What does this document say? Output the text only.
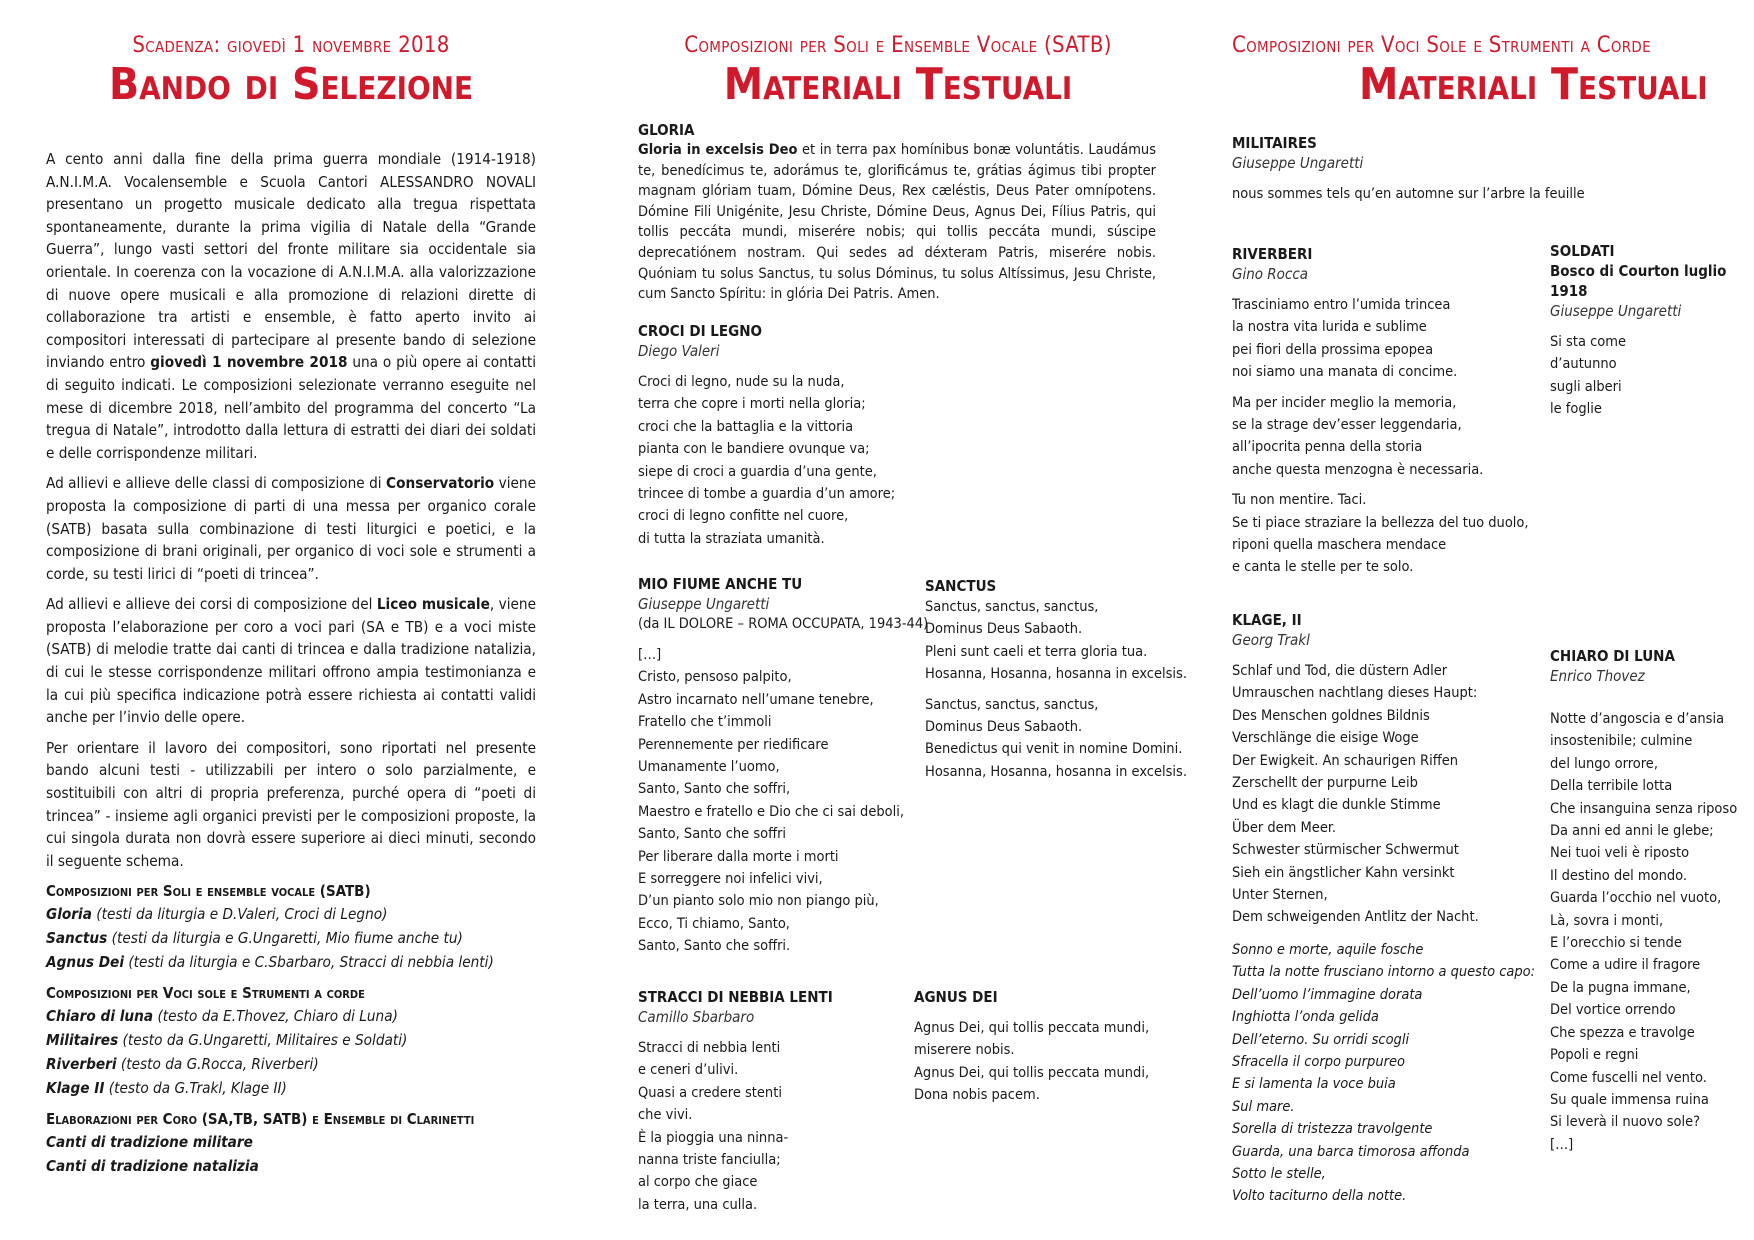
Scadenza: giovedì 1 novembre 2018
Bando di Selezione

A cento anni dalla fine della prima guerra mondiale (1914-1918) A.N.I.M.A. Vocalensemble e Scuola Cantori ALESSANDRO NOVALI presentano un progetto musicale dedicato alla tregua rispettata spontaneamente, durante la prima vigilia di Natale della “Grande Guerra”, lungo vasti settori del fronte militare sia occidentale sia orientale. In coerenza con la vocazione di A.N.I.M.A. alla valorizzazione di nuove opere musicali e alla promozione di relazioni dirette di collaborazione tra artisti e ensemble, è fatto aperto invito ai compositori interessati di partecipare al presente bando di selezione inviando entro giovedì 1 novembre 2018 una o più opere ai contatti di seguito indicati. Le composizioni selezionate verranno eseguite nel mese di dicembre 2018, nell’ambito del programma del concerto “La tregua di Natale”, introdotto dalla lettura di estratti dei diari dei soldati e delle corrispondenze militari.

Ad allievi e allieve delle classi di composizione di Conservatorio viene proposta la composizione di parti di una messa per organico corale (SATB) basata sulla combinazione di testi liturgici e poetici, e la composizione di brani originali, per organico di voci sole e strumenti a corde, su testi lirici di “poeti di trincea”.

Ad allievi e allieve dei corsi di composizione del Liceo musicale, viene proposta l’elaborazione per coro a voci pari (SA e TB) e a voci miste (SATB) di melodie tratte dai canti di trincea e dalla tradizione natalizia, di cui le stesse corrispondenze militari offrono ampia testimonianza e la cui più specifica indicazione potrà essere richiesta ai contatti validi anche per l’invio delle opere.

Per orientare il lavoro dei compositori, sono riportati nel presente bando alcuni testi - utilizzabili per intero o solo parzialmente, e sostituibili con altri di propria preferenza, purché opera di “poeti di trincea” - insieme agli organici previsti per le composizioni proposte, la cui singola durata non dovrà essere superiore ai dieci minuti, secondo il seguente schema.

Composizioni per Soli e ensemble vocale (SATB)
Gloria (testi da liturgia e D.Valeri, Croci di Legno)
Sanctus (testi da liturgia e G.Ungaretti, Mio fiume anche tu)
Agnus Dei (testi da liturgia e C.Sbarbaro, Stracci di nebbia lenti)
Composizioni per Voci sole e Strumenti a corde
Chiaro di luna (testo da E.Thovez, Chiaro di Luna)
Militaires (testo da G.Ungaretti, Militaires e Soldati)
Riverberi (testo da G.Rocca, Riverberi)
Klage II (testo da G.Trakl, Klage II)
Elaborazioni per Coro (SA,TB, SATB) e Ensemble di Clarinetti
Canti di tradizione militare
Canti di tradizione natalizia
Composizioni per Soli e Ensemble Vocale (SATB)
Materiali Testuali
GLORIA

Gloria in excelsis Deo et in terra pax homínibus bonæ voluntátis. Laudámus te, benedícimus te, adorámus te, glorificámus te, grátias ágimus tibi propter magnam glóriam tuam, Dómine Deus, Rex cæléstis, Deus Pater omnípotens. Dómine Fili Unigénite, Jesu Christe, Dómine Deus, Agnus Dei, Fílius Patris, qui tollis peccáta mundi, miserére nobis; qui tollis peccáta mundi, súscipe deprecatiónem nostram. Qui sedes ad déxteram Patris, miserére nobis. Quóniam tu solus Sanctus, tu solus Dóminus, tu solus Altíssimus, Jesu Christe, cum Sancto Spíritu: in glória Dei Patris. Amen.

CROCI DI LEGNO
Diego Valeri
Croci di legno, nude su la nuda,
terra che copre i morti nella gloria;
croci che la battaglia e la vittoria
pianta con le bandiere ovunque va;
siepe di croci a guardia d’una gente,
trincee di tombe a guardia d’un amore;
croci di legno confitte nel cuore,
di tutta la straziata umanità.
MIO FIUME ANCHE TU
Giuseppe Ungaretti
(da IL DOLORE – ROMA OCCUPATA, 1943-44)
[…]
Cristo, pensoso palpito,
Astro incarnato nell’umane tenebre,
Fratello che t’immoli
Perennemente per riedificare
Umanamente l’uomo,
Santo, Santo che soffri,
Maestro e fratello e Dio che ci sai deboli,
Santo, Santo che soffri
Per liberare dalla morte i morti
E sorreggere noi infelici vivi,
D’un pianto solo mio non piango più,
Ecco, Ti chiamo, Santo,
Santo, Santo che soffri.
SANCTUS
Sanctus, sanctus, sanctus,
Dominus Deus Sabaoth.
Pleni sunt caeli et terra gloria tua.
Hosanna, Hosanna, hosanna in excelsis.
Sanctus, sanctus, sanctus,
Dominus Deus Sabaoth.
Benedictus qui venit in nomine Domini.
Hosanna, Hosanna, hosanna in excelsis.
STRACCI DI NEBBIA LENTI
Camillo Sbarbaro
Stracci di nebbia lenti
e ceneri d’ulivi.
Quasi a credere stenti
che vivi.
È la pioggia una ninna-
nanna triste fanciulla;
al corpo che giace
la terra, una culla.
AGNUS DEI
Agnus Dei, qui tollis peccata mundi,
miserere nobis.
Agnus Dei, qui tollis peccata mundi,
Dona nobis pacem.
Composizioni per Voci Sole e Strumenti a Corde
Materiali Testuali
MILITAIRES
Giuseppe Ungaretti
nous sommes tels qu’en automne sur l’arbre la feuille
RIVERBERI
Gino Rocca
Trasciniamo entro l’umida trincea
la nostra vita lurida e sublime
pei fiori della prossima epopea
noi siamo una manata di concime.
Ma per incider meglio la memoria,
se la strage dev’esser leggendaria,
all’ipocrita penna della storia
anche questa menzogna è necessaria.
Tu non mentire. Taci.
Se ti piace straziare la bellezza del tuo duolo,
riponi quella maschera mendace
e canta le stelle per te solo.
SOLDATI
Bosco di Courton luglio 1918
Giuseppe Ungaretti
Si sta come
d’autunno
sugli alberi
le foglie
KLAGE, II
Georg Trakl
Schlaf und Tod, die düstern Adler
Umrauschen nachtlang dieses Haupt:
Des Menschen goldnes Bildnis
Verschlänge die eisige Woge
Der Ewigkeit. An schaurigen Riffen
Zerschellt der purpurne Leib
Und es klagt die dunkle Stimme
Über dem Meer.
Schwester stürmischer Schwermut
Sieh ein ängstlicher Kahn versinkt
Unter Sternen,
Dem schweigenden Antlitz der Nacht.
Sonno e morte, aquile fosche
Tutta la notte frusciano intorno a questo capo:
Dell’uomo l’immagine dorata
Inghiotta l’onda gelida
Dell’eterno. Su orridi scogli
Sfracella il corpo purpureo
E si lamenta la voce buia
Sul mare.
Sorella di tristezza travolgente
Guarda, una barca timorosa affonda
Sotto le stelle,
Volto taciturno della notte.
CHIARO DI LUNA
Enrico Thovez
Notte d’angoscia e d’ansia
insostenibile; culmine
del lungo orrore,
Della terribile lotta
Che insanguina senza riposo
Da anni ed anni le glebe;
Nei tuoi veli è riposto
Il destino del mondo.
Guarda l’occhio nel vuoto,
Là, sovra i monti,
E l’orecchio si tende
Come a udire il fragore
De la pugna immane,
Del vortice orrendo
Che spezza e travolge
Popoli e regni
Come fuscelli nel vento.
Su quale immensa ruina
Si leverà il nuovo sole?
[…]
